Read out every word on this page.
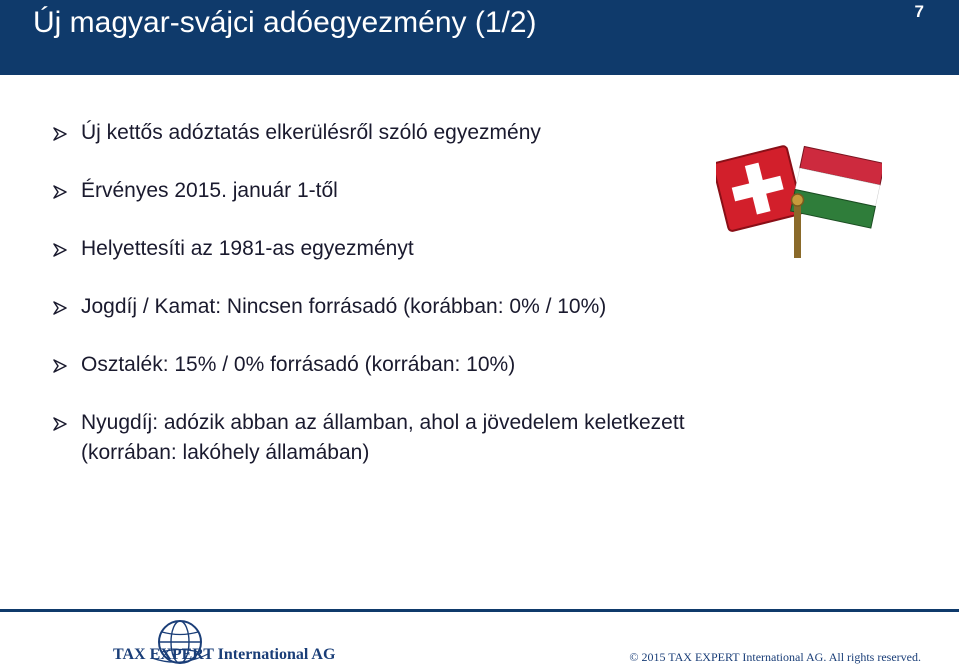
Új magyar-svájci adóegyezmény (1/2)	7
Új kettős adóztatás elkerülésről szóló egyezmény
Érvényes 2015. január 1-től
Helyettesíti az 1981-as egyezményt
Jogdíj / Kamat: Nincsen forrásadó (korábban: 0% / 10%)
Osztalék: 15% / 0% forrásadó (korrában: 10%)
Nyugdíj: adózik abban az államban, ahol a jövedelem keletkezett
(korrában: lakóhely államában)
TAX EXPERT International AG	© 2015 TAX EXPERT International AG. All rights reserved.
